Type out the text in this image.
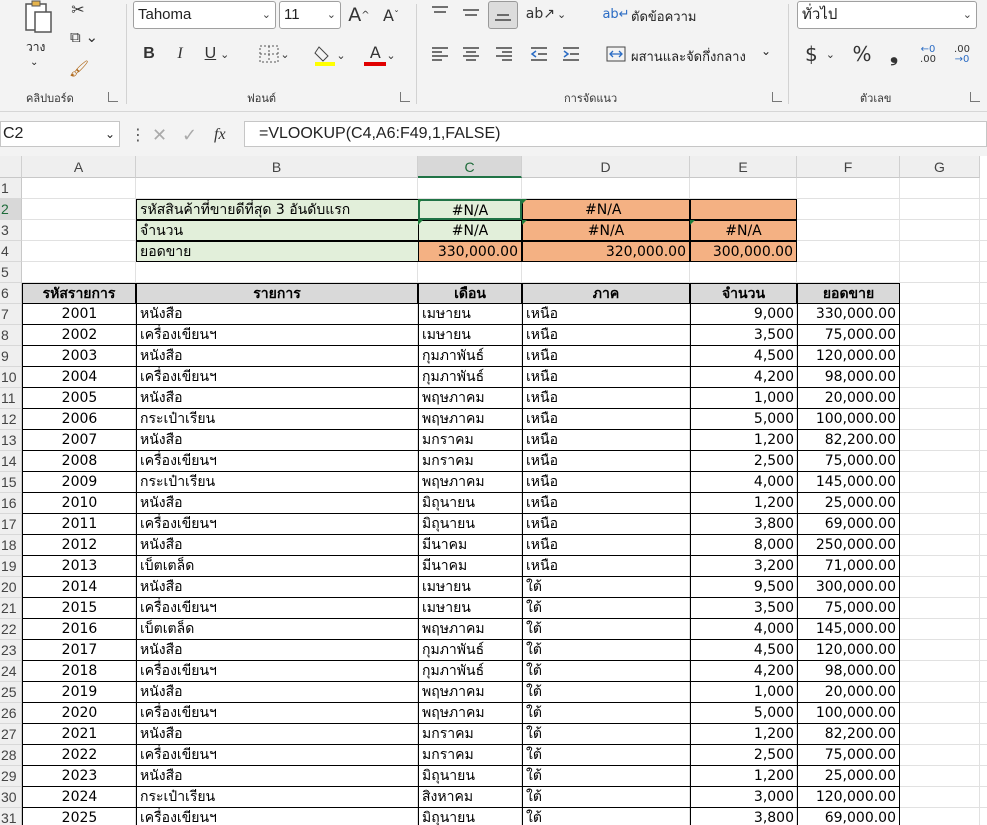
วาง
⌄
✂
⧉ ⌄
🖌
คลิปบอร์ด
Tahoma	⌄ 11 ⌄ A ^ A ˇ
B	I	U ⌄	⌄	⌄	A ⌄
ฟอนต์
ab↗ ⌄	ab↵ ตัดข้อความ
ผสานและจัดกึ่งกลาง ⌄
การจัดแนว
ทั่วไป	⌄
$ ⌄ % ❟	←0
.00
.00
→0
ตัวเลข
C2	⌄ ⋮ ✕ ✓ fx	=VLOOKUP(C4,A6:F49,1,FALSE)
A	B	C	D	E	F	G
1
2
3
4
5
6
7
8
9
10
11
12
13
14
15
16
17
18
19
20
21
22
23
24
25
26
27
28
29
30
31
รหัสสินค้าที่ขายดีที่สุด 3 อันดับแรก	#N/A	#N/A
จำนวน	#N/A	#N/A	#N/A
ยอดขาย	330,000.00	320,000.00	300,000.00
รหัสรายการ	รายการ	เดือน	ภาค	จำนวน	ยอดขาย
2001	หนังสือ	เมษายน	เหนือ	9,000	330,000.00
2002	เครื่องเขียนฯ	เมษายน	เหนือ	3,500	75,000.00
2003	หนังสือ	กุมภาพันธ์	เหนือ	4,500	120,000.00
2004	เครื่องเขียนฯ	กุมภาพันธ์	เหนือ	4,200	98,000.00
2005	หนังสือ	พฤษภาคม	เหนือ	1,000	20,000.00
2006	กระเป๋าเรียน	พฤษภาคม	เหนือ	5,000	100,000.00
2007	หนังสือ	มกราคม	เหนือ	1,200	82,200.00
2008	เครื่องเขียนฯ	มกราคม	เหนือ	2,500	75,000.00
2009	กระเป๋าเรียน	พฤษภาคม	เหนือ	4,000	145,000.00
2010	หนังสือ	มิถุนายน	เหนือ	1,200	25,000.00
2011	เครื่องเขียนฯ	มิถุนายน	เหนือ	3,800	69,000.00
2012	หนังสือ	มีนาคม	เหนือ	8,000	250,000.00
2013	เบ็ตเตล็ด	มีนาคม	เหนือ	3,200	71,000.00
2014	หนังสือ	เมษายน	ใต้	9,500	300,000.00
2015	เครื่องเขียนฯ	เมษายน	ใต้	3,500	75,000.00
2016	เบ็ตเตล็ด	พฤษภาคม	ใต้	4,000	145,000.00
2017	หนังสือ	กุมภาพันธ์	ใต้	4,500	120,000.00
2018	เครื่องเขียนฯ	กุมภาพันธ์	ใต้	4,200	98,000.00
2019	หนังสือ	พฤษภาคม	ใต้	1,000	20,000.00
2020	เครื่องเขียนฯ	พฤษภาคม	ใต้	5,000	100,000.00
2021	หนังสือ	มกราคม	ใต้	1,200	82,200.00
2022	เครื่องเขียนฯ	มกราคม	ใต้	2,500	75,000.00
2023	หนังสือ	มิถุนายน	ใต้	1,200	25,000.00
2024	กระเป๋าเรียน	สิงหาคม	ใต้	3,000	120,000.00
2025	เครื่องเขียนฯ	มิถุนายน	ใต้	3,800	69,000.00
